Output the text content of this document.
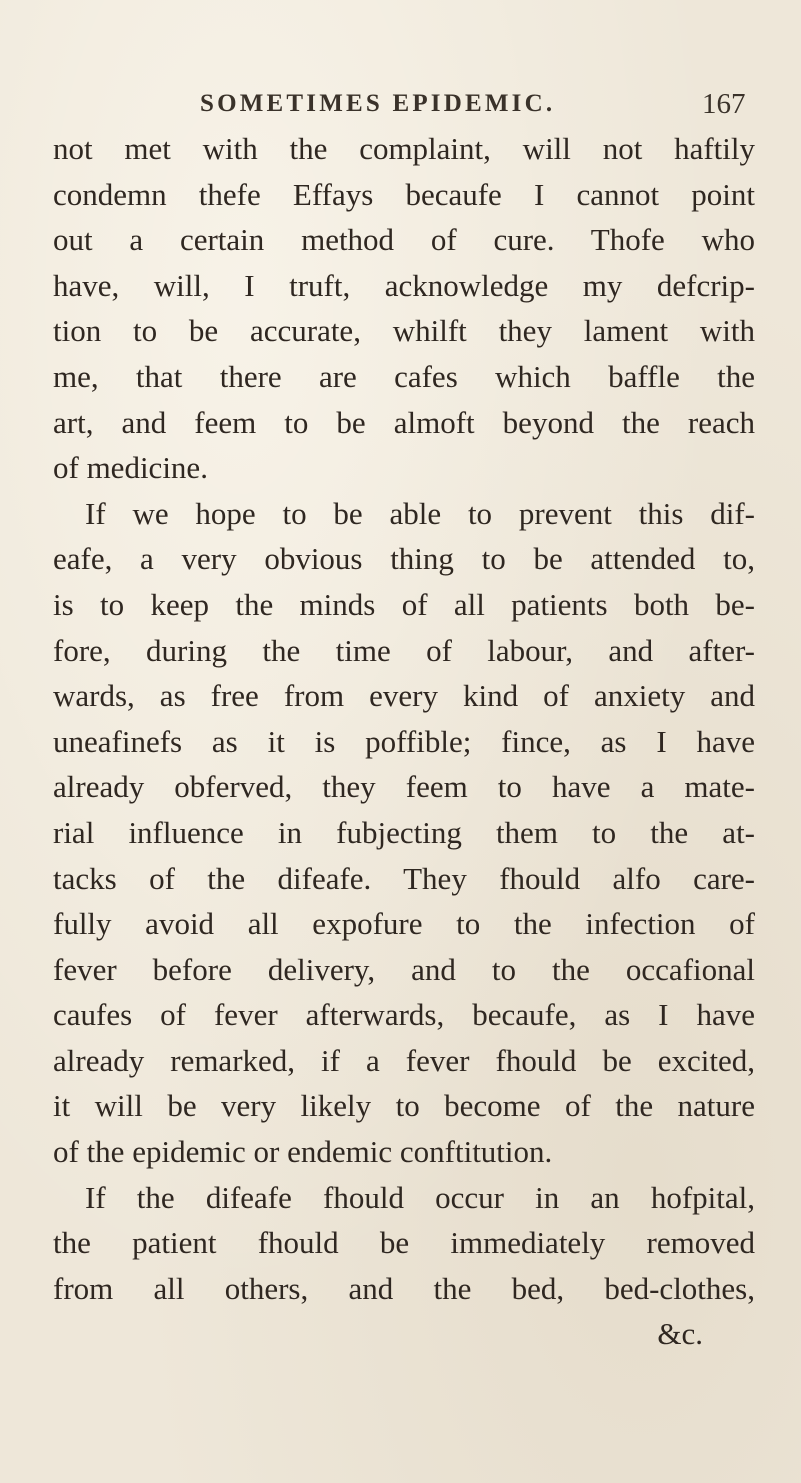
SOMETIMES EPIDEMIC.	167
not met with the complaint, will not haftily
condemn thefe Effays becaufe I cannot point
out a certain method of cure. Thofe who
have, will, I truft, acknowledge my defcrip-
tion to be accurate, whilft they lament with
me, that there are cafes which baffle the
art, and feem to be almoft beyond the reach
of medicine.
If we hope to be able to prevent this dif-
eafe, a very obvious thing to be attended to,
is to keep the minds of all patients both be-
fore, during the time of labour, and after-
wards, as free from every kind of anxiety and
uneafinefs as it is poffible; fince, as I have
already obferved, they feem to have a mate-
rial influence in fubjecting them to the at-
tacks of the difeafe. They fhould alfo care-
fully avoid all expofure to the infection of
fever before delivery, and to the occafional
caufes of fever afterwards, becaufe, as I have
already remarked, if a fever fhould be excited,
it will be very likely to become of the nature
of the epidemic or endemic conftitution.
If the difeafe fhould occur in an hofpital,
the patient fhould be immediately removed
from all others, and the bed, bed-clothes,
&c.
